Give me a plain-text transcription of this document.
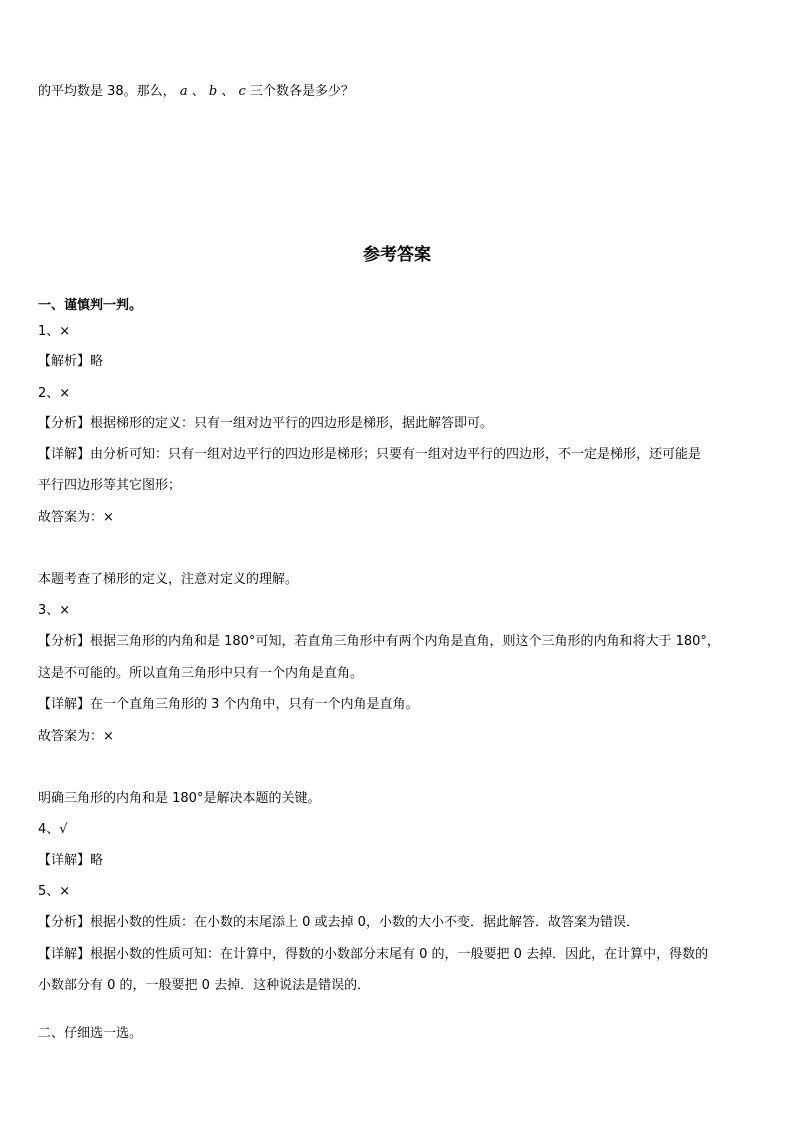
的平均数是 38。那么， a 、 b 、 c 三个数各是多少？
参考答案
一、谨慎判一判。
1、×
【解析】略
2、×
【分析】根据梯形的定义：只有一组对边平行的四边形是梯形，据此解答即可。
【详解】由分析可知：只有一组对边平行的四边形是梯形；只要有一组对边平行的四边形，不一定是梯形，还可能是
平行四边形等其它图形；
故答案为：×
本题考查了梯形的定义，注意对定义的理解。
3、×
【分析】根据三角形的内角和是 180°可知，若直角三角形中有两个内角是直角，则这个三角形的内角和将大于 180°，
这是不可能的。所以直角三角形中只有一个内角是直角。
【详解】在一个直角三角形的 3 个内角中，只有一个内角是直角。
故答案为：×
明确三角形的内角和是 180°是解决本题的关键。
4、√
【详解】略
5、×
【分析】根据小数的性质：在小数的末尾添上 0 或去掉 0，小数的大小不变．据此解答．故答案为错误．
【详解】根据小数的性质可知：在计算中，得数的小数部分末尾有 0 的，一般要把 0 去掉．因此，在计算中，得数的
小数部分有 0 的，一般要把 0 去掉．这种说法是错误的．
二、仔细选一选。
